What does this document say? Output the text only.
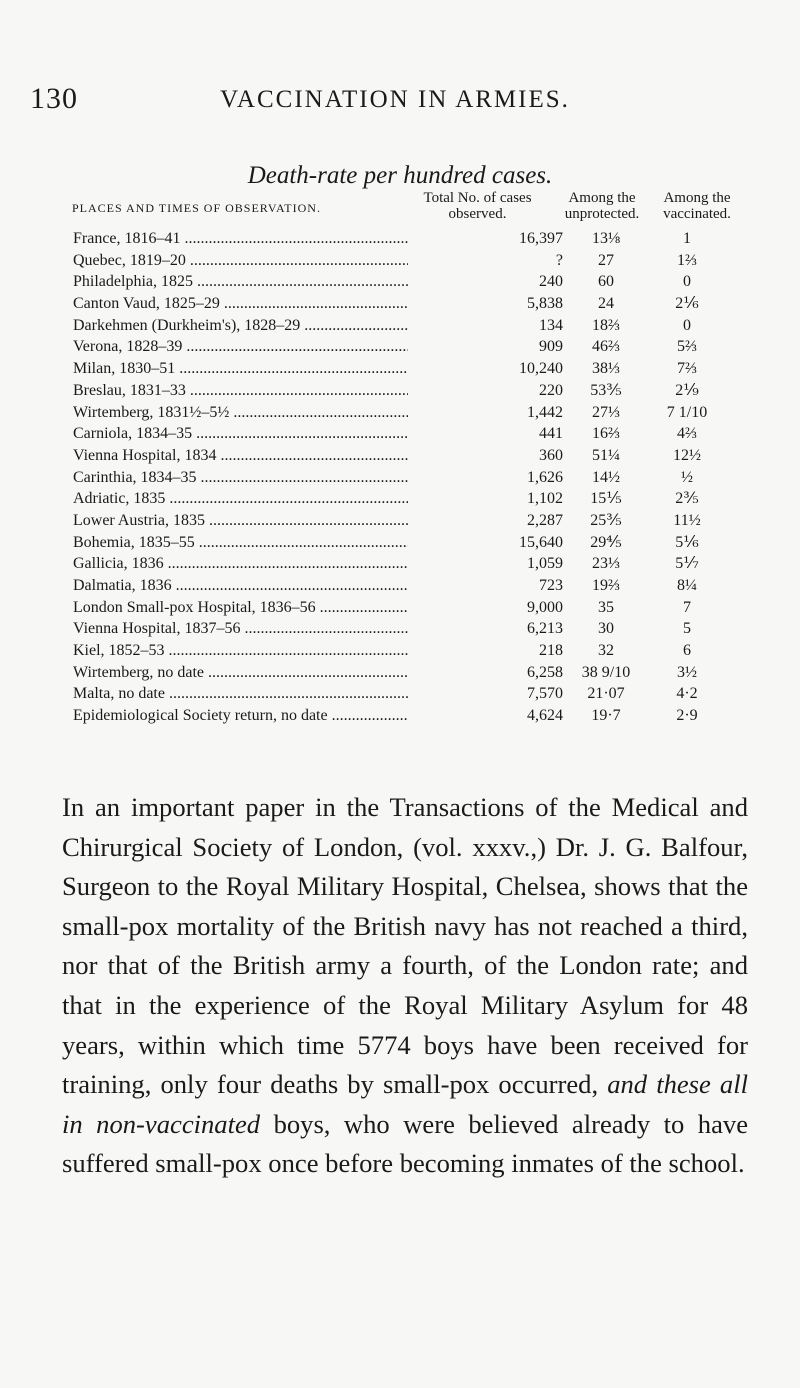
130	VACCINATION IN ARMIES.
Death-rate per hundred cases.
PLACES AND TIMES OF OBSERVATION.
Total No. of cases observed.
Among the unprotected.
Among the vaccinated.
France, 1816–41 .....	16,397	13⅛	1
Quebec, 1819–20 .....	?	27	1⅔
Philadelphia, 1825 .....	240	60	0
Canton Vaud, 1825–29 .....	5,838	24	2⅙
Darkehmen (Durkheim's), 1828–29 .....	134	18⅔	0
Verona, 1828–39 .....	909	46⅔	5⅔
Milan, 1830–51 .....	10,240	38⅓	7⅔
Breslau, 1831–33 .....	220	53⅗	2⅑
Wirtemberg, 1831½–5½ .....	1,442	27⅓	7 1/10
Carniola, 1834–35 .....	441	16⅔	4⅔
Vienna Hospital, 1834 .....	360	51¼	12½
Carinthia, 1834–35 .....	1,626	14½	½
Adriatic, 1835 .....	1,102	15⅕	2⅗
Lower Austria, 1835 .....	2,287	25⅗	11½
Bohemia, 1835–55 .....	15,640	29⅘	5⅙
Gallicia, 1836 .....	1,059	23⅓	5⅐
Dalmatia, 1836 .....	723	19⅔	8¼
London Small-pox Hospital, 1836–56 .....	9,000	35	7
Vienna Hospital, 1837–56 .....	6,213	30	5
Kiel, 1852–53 .....	218	32	6
Wirtemberg, no date .....	6,258	38 9/10	3½
Malta, no date .....	7,570	21·07	4·2
Epidemiological Society return, no date .....	4,624	19·7	2·9
In an important paper in the Transactions of the Medical and Chirurgical Society of London, (vol. xxxv.,) Dr. J. G. Balfour, Surgeon to the Royal Military Hospital, Chelsea, shows that the small-pox mortality of the British navy has not reached a third, nor that of the British army a fourth, of the London rate; and that in the experience of the Royal Military Asylum for 48 years, within which time 5774 boys have been received for training, only four deaths by small-pox occurred, and these all in non-vaccinated boys, who were believed already to have suffered small-pox once before becoming inmates of the school.
